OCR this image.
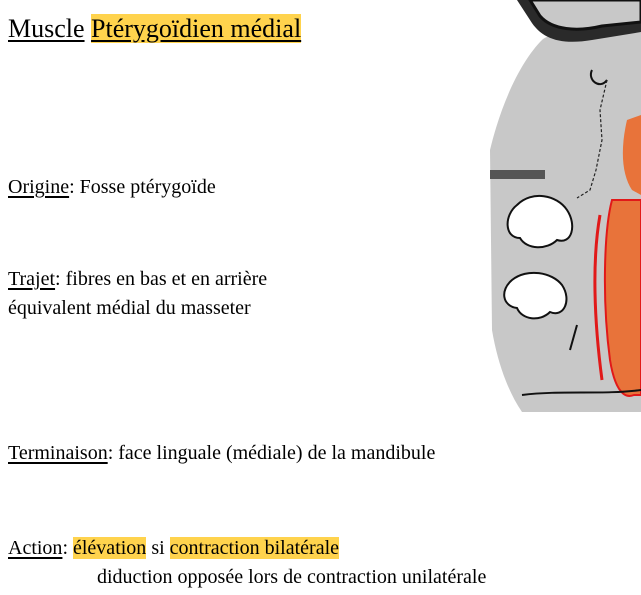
Muscle Ptérygoïdien médial
Origine: Fosse ptérygoïde
Trajet: fibres en bas et en arrière
équivalent médial du masseter
Terminaison: face linguale (médiale) de la mandibule
Action: élévation si contraction bilatérale
diduction opposée lors de contraction unilatérale
